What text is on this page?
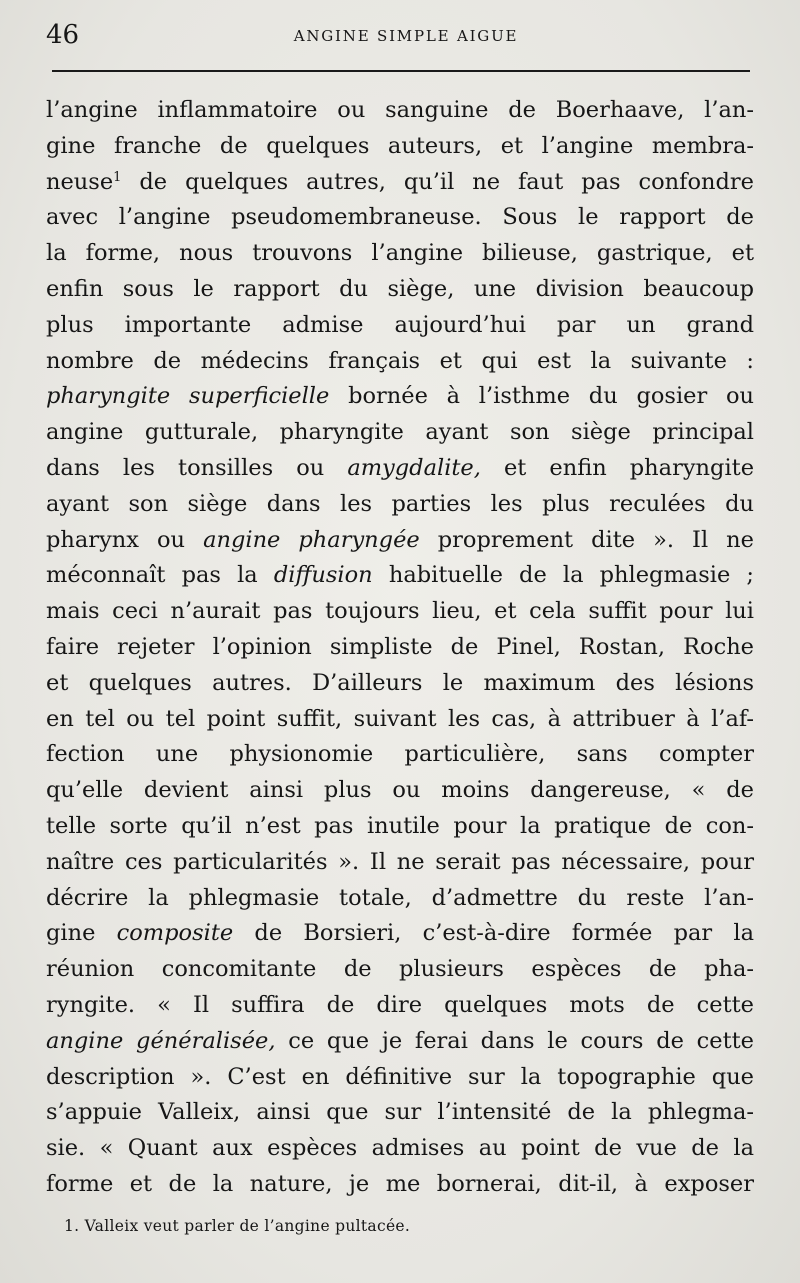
46	ANGINE SIMPLE AIGUE
l’angine inflammatoire ou sanguine de Boerhaave, l’an-
gine franche de quelques auteurs, et l’angine membra-
neuse$^1$ de quelques autres, qu’il ne faut pas confondre
avec l’angine pseudomembraneuse. Sous le rapport de
la forme, nous trouvons l’angine bilieuse, gastrique, et
enfin sous le rapport du siège, une division beaucoup
plus importante admise aujourd’hui par un grand
nombre de médecins français et qui est la suivante :
pharyngite superficielle bornée à l’isthme du gosier ou
angine gutturale, pharyngite ayant son siège principal
dans les tonsilles ou amygdalite, et enfin pharyngite
ayant son siège dans les parties les plus reculées du
pharynx ou angine pharyngée proprement dite ». Il ne
méconnaît pas la diffusion habituelle de la phlegmasie ;
mais ceci n’aurait pas toujours lieu, et cela suffit pour lui
faire rejeter l’opinion simpliste de Pinel, Rostan, Roche
et quelques autres. D’ailleurs le maximum des lésions
en tel ou tel point suffit, suivant les cas, à attribuer à l’af-
fection une physionomie particulière, sans compter
qu’elle devient ainsi plus ou moins dangereuse, « de
telle sorte qu’il n’est pas inutile pour la pratique de con-
naître ces particularités ». Il ne serait pas nécessaire, pour
décrire la phlegmasie totale, d’admettre du reste l’an-
gine composite de Borsieri, c’est-à-dire formée par la
réunion concomitante de plusieurs espèces de pha-
ryngite. « Il suffira de dire quelques mots de cette
angine généralisée, ce que je ferai dans le cours de cette
description ». C’est en définitive sur la topographie que
s’appuie Valleix, ainsi que sur l’intensité de la phlegma-
sie. « Quant aux espèces admises au point de vue de la
forme et de la nature, je me bornerai, dit-il, à exposer
1. Valleix veut parler de l’angine pultacée.
